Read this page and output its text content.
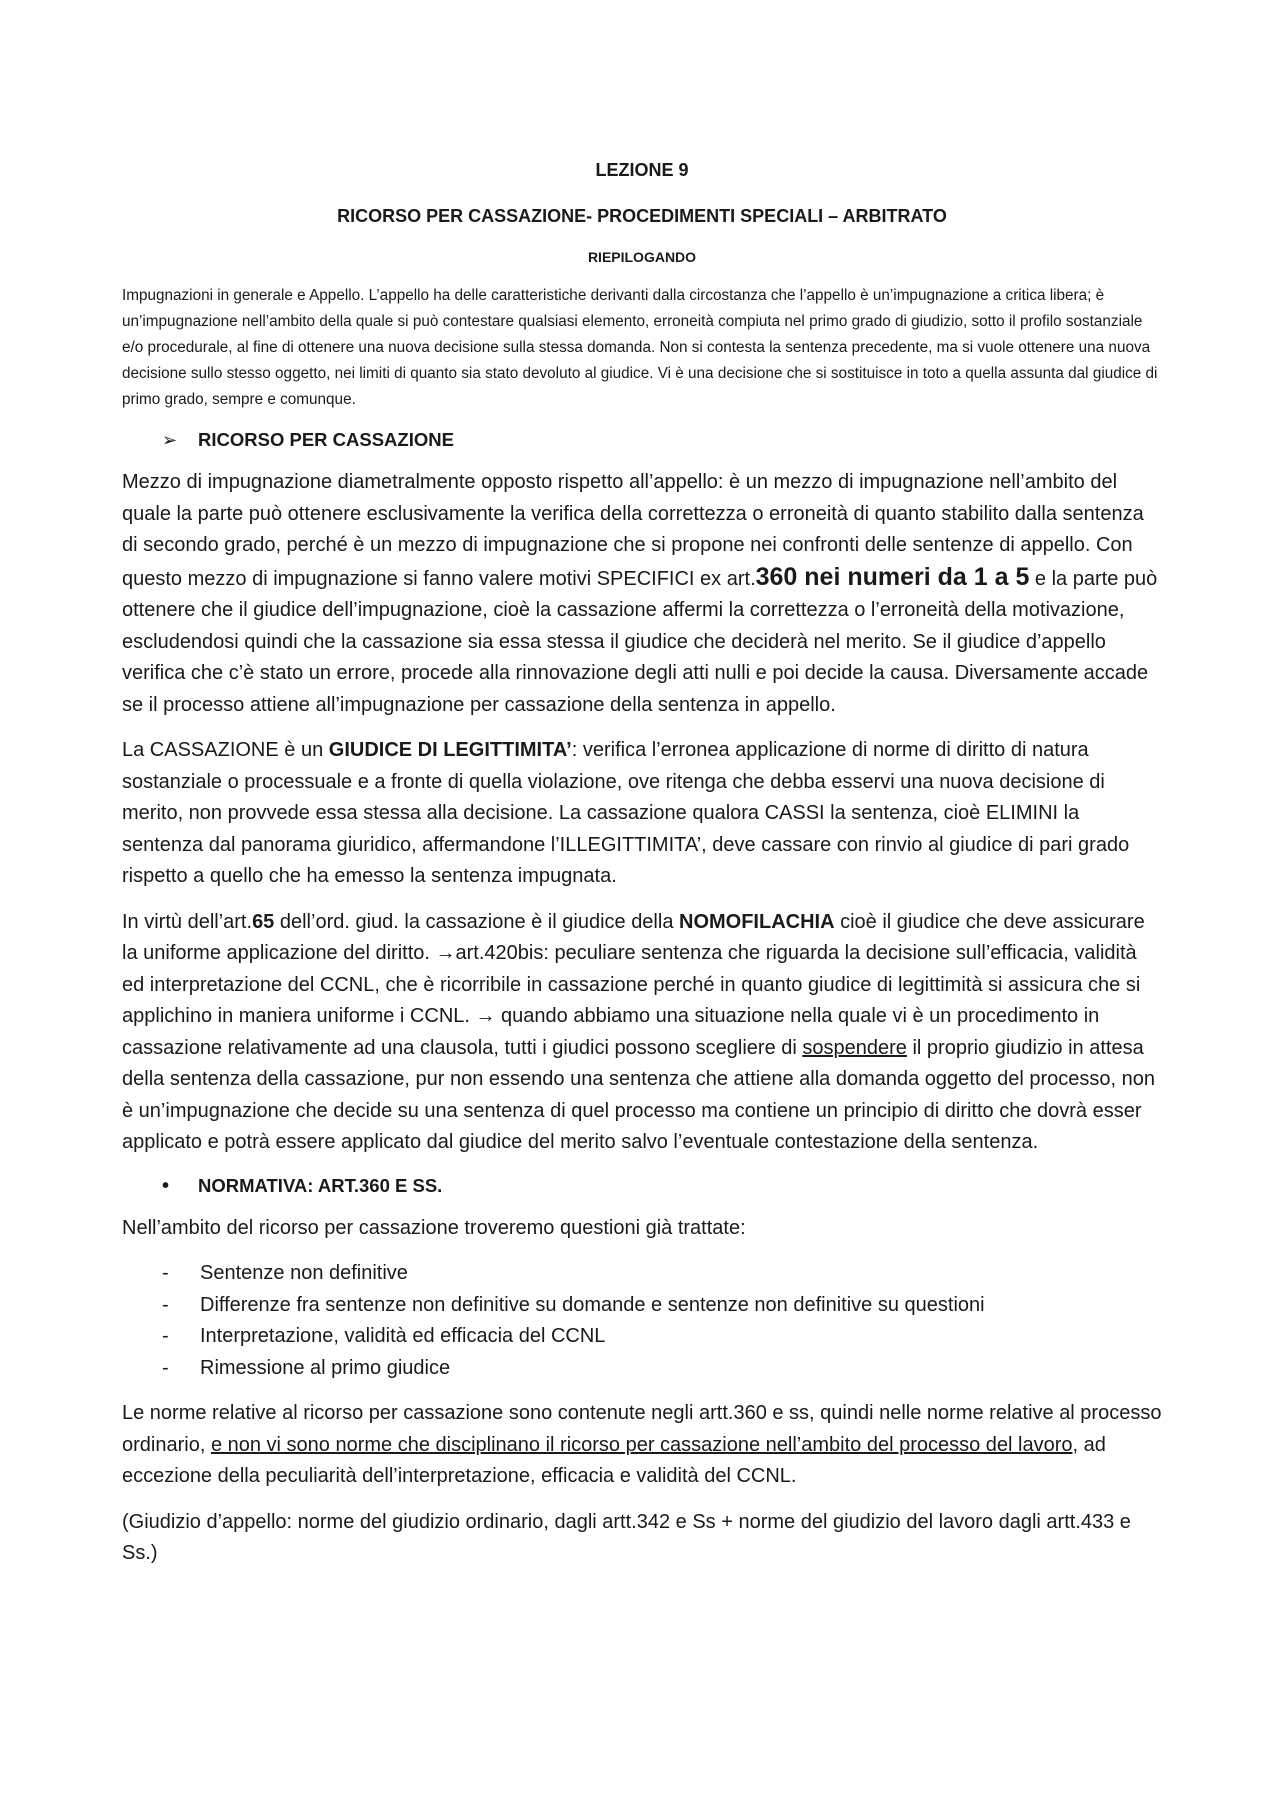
LEZIONE 9
RICORSO PER CASSAZIONE- PROCEDIMENTI SPECIALI – ARBITRATO
RIEPILOGANDO

Impugnazioni in generale e Appello. L’appello ha delle caratteristiche derivanti dalla circostanza che l’appello è un’impugnazione a critica libera; è un’impugnazione nell’ambito della quale si può contestare qualsiasi elemento, erroneità compiuta nel primo grado di giudizio, sotto il profilo sostanziale e/o procedurale, al fine di ottenere una nuova decisione sulla stessa domanda. Non si contesta la sentenza precedente, ma si vuole ottenere una nuova decisione sullo stesso oggetto, nei limiti di quanto sia stato devoluto al giudice. Vi è una decisione che si sostituisce in toto a quella assunta dal giudice di primo grado, sempre e comunque.

➢	RICORSO PER CASSAZIONE

Mezzo di impugnazione diametralmente opposto rispetto all’appello: è un mezzo di impugnazione nell’ambito del quale la parte può ottenere esclusivamente la verifica della correttezza o erroneità di quanto stabilito dalla sentenza di secondo grado, perché è un mezzo di impugnazione che si propone nei confronti delle sentenze di appello. Con questo mezzo di impugnazione si fanno valere motivi SPECIFICI ex art.360 nei numeri da 1 a 5 e la parte può ottenere che il giudice dell’impugnazione, cioè la cassazione affermi la correttezza o l’erroneità della motivazione, escludendosi quindi che la cassazione sia essa stessa il giudice che deciderà nel merito. Se il giudice d’appello verifica che c’è stato un errore, procede alla rinnovazione degli atti nulli e poi decide la causa. Diversamente accade se il processo attiene all’impugnazione per cassazione della sentenza in appello.

La CASSAZIONE è un GIUDICE DI LEGITTIMITA’: verifica l’erronea applicazione di norme di diritto di natura sostanziale o processuale e a fronte di quella violazione, ove ritenga che debba esservi una nuova decisione di merito, non provvede essa stessa alla decisione. La cassazione qualora CASSI la sentenza, cioè ELIMINI la sentenza dal panorama giuridico, affermandone l’ILLEGITTIMITA’, deve cassare con rinvio al giudice di pari grado rispetto a quello che ha emesso la sentenza impugnata.

In virtù dell’art.65 dell’ord. giud. la cassazione è il giudice della NOMOFILACHIA cioè il giudice che deve assicurare la uniforme applicazione del diritto. →art.420bis: peculiare sentenza che riguarda la decisione sull’efficacia, validità ed interpretazione del CCNL, che è ricorribile in cassazione perché in quanto giudice di legittimità si assicura che si applichino in maniera uniforme i CCNL. → quando abbiamo una situazione nella quale vi è un procedimento in cassazione relativamente ad una clausola, tutti i giudici possono scegliere di sospendere il proprio giudizio in attesa della sentenza della cassazione, pur non essendo una sentenza che attiene alla domanda oggetto del processo, non è un’impugnazione che decide su una sentenza di quel processo ma contiene un principio di diritto che dovrà esser applicato e potrà essere applicato dal giudice del merito salvo l’eventuale contestazione della sentenza.

•	NORMATIVA: ART.360 E SS.

Nell’ambito del ricorso per cassazione troveremo questioni già trattate:

-	Sentenze non definitive
-	Differenze fra sentenze non definitive su domande e sentenze non definitive su questioni
-	Interpretazione, validità ed efficacia del CCNL
-	Rimessione al primo giudice

Le norme relative al ricorso per cassazione sono contenute negli artt.360 e ss, quindi nelle norme relative al processo ordinario, e non vi sono norme che disciplinano il ricorso per cassazione nell’ambito del processo del lavoro, ad eccezione della peculiarità dell’interpretazione, efficacia e validità del CCNL.

(Giudizio d’appello: norme del giudizio ordinario, dagli artt.342 e Ss + norme del giudizio del lavoro dagli artt.433 e Ss.)
